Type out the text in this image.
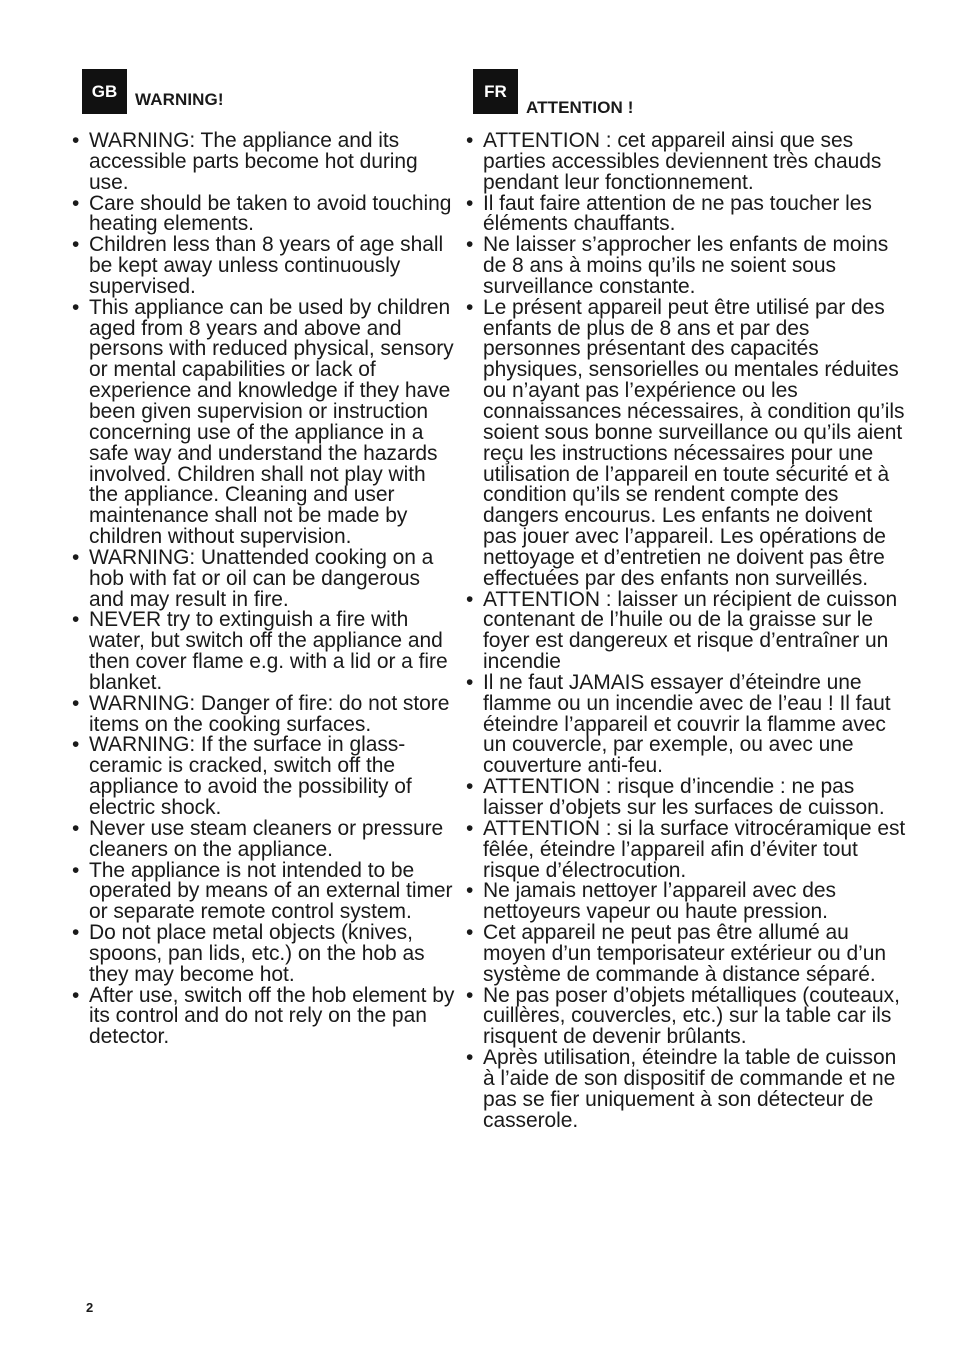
GB	WARNING!
• WARNING: The appliance and its accessible parts become hot during use.
• Care should be taken to avoid touching heating elements.
• Children less than 8 years of age shall be kept away unless continuously supervised.
• This appliance can be used by children aged from 8 years and above and persons with reduced physical, sensory or mental capabilities or lack of experience and knowledge if they have been given supervision or instruction concerning use of the appliance in a safe way and understand the hazards involved. Children shall not play with the appliance. Cleaning and user maintenance shall not be made by children without supervision.
• WARNING: Unattended cooking on a hob with fat or oil can be dangerous and may result in fire.
• NEVER try to extinguish a fire with water, but switch off the appliance and then cover flame e.g. with a lid or a fire blanket.
• WARNING: Danger of fire: do not store items on the cooking surfaces.
• WARNING: If the surface in glass-ceramic is cracked, switch off the appliance to avoid the possibility of electric shock.
• Never use steam cleaners or pressure cleaners on the appliance.
• The appliance is not intended to be operated by means of an external timer or separate remote control system.
• Do not place metal objects (knives, spoons, pan lids, etc.) on the hob as they may become hot.
• After use, switch off the hob element by its control and do not rely on the pan detector.
FR
ATTENTION !
• ATTENTION : cet appareil ainsi que ses parties accessibles deviennent très chauds pendant leur fonctionnement.
• Il faut faire attention de ne pas toucher les éléments chauffants.
• Ne laisser s’approcher les enfants de moins de 8 ans à moins qu’ils ne soient sous surveillance constante.
• Le présent appareil peut être utilisé par des enfants de plus de 8 ans et par des personnes présentant des capacités physiques, sensorielles ou mentales réduites ou n’ayant pas l’expérience ou les connaissances nécessaires, à condition qu’ils soient sous bonne surveillance ou qu’ils aient reçu les instructions nécessaires pour une utilisation de l’appareil en toute sécurité et à condition qu’ils se rendent compte des dangers encourus. Les enfants ne doivent pas jouer avec l’appareil. Les opérations de nettoyage et d’entretien ne doivent pas être effectuées par des enfants non surveillés.
• ATTENTION : laisser un récipient de cuisson contenant de l’huile ou de la graisse sur le foyer est dangereux et risque d’entraîner un incendie
• Il ne faut JAMAIS essayer d’éteindre une flamme ou un incendie avec de l’eau ! Il faut éteindre l’appareil et couvrir la flamme avec un couvercle, par exemple, ou avec une couverture anti-feu.
• ATTENTION : risque d’incendie : ne pas laisser d’objets sur les surfaces de cuisson.
• ATTENTION : si la surface vitrocéramique est fêlée, éteindre l’appareil afin d’éviter tout risque d’électrocution.
• Ne jamais nettoyer l’appareil avec des nettoyeurs vapeur ou haute pression.
• Cet appareil ne peut pas être allumé au moyen d’un temporisateur extérieur ou d’un système de commande à distance séparé.
• Ne pas poser d’objets métalliques (couteaux, cuillères, couvercles, etc.) sur la table car ils risquent de devenir brûlants.
• Après utilisation, éteindre la table de cuisson à l’aide de son dispositif de commande et ne pas se fier uniquement à son détecteur de casserole.
2
